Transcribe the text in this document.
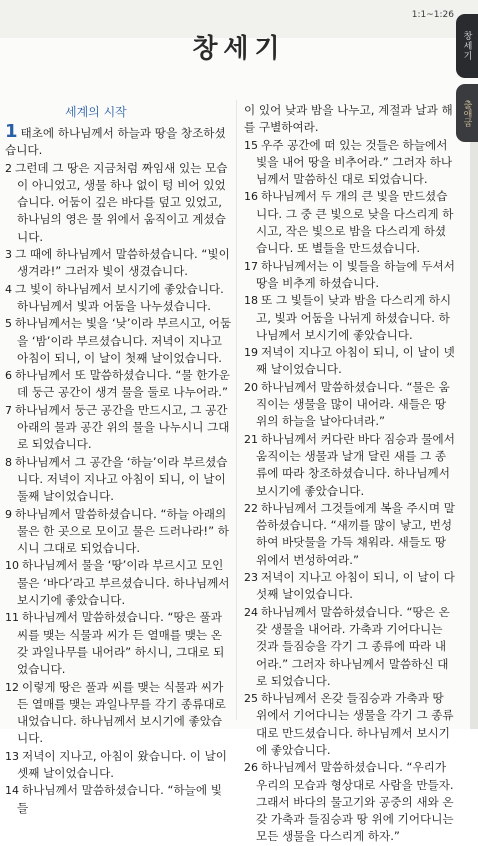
1:1~1:26
창세기
출애굽
창세기
세계의 시작

1 태초에 하나님께서 하늘과 땅을 창조하셨습니다.

2 그런데 그 땅은 지금처럼 짜임새 있는 모습이 아니었고, 생물 하나 없이 텅 비어 있었습니다. 어둠이 깊은 바다를 덮고 있었고, 하나님의 영은 물 위에서 움직이고 계셨습니다.

3 그 때에 하나님께서 말씀하셨습니다. “빛이 생겨라!” 그러자 빛이 생겼습니다.

4 그 빛이 하나님께서 보시기에 좋았습니다. 하나님께서 빛과 어둠을 나누셨습니다.

5 하나님께서는 빛을 ‘낮’이라 부르시고, 어둠을 ‘밤’이라 부르셨습니다. 저녁이 지나고 아침이 되니, 이 날이 첫째 날이었습니다.

6 하나님께서 또 말씀하셨습니다. “물 한가운데 둥근 공간이 생겨 물을 둘로 나누어라.”

7 하나님께서 둥근 공간을 만드시고, 그 공간 아래의 물과 공간 위의 물을 나누시니 그대로 되었습니다.

8 하나님께서 그 공간을 ‘하늘’이라 부르셨습니다. 저녁이 지나고 아침이 되니, 이 날이 둘째 날이었습니다.

9 하나님께서 말씀하셨습니다. “하늘 아래의 물은 한 곳으로 모이고 물은 드러나라!” 하시니 그대로 되었습니다.

10 하나님께서 물을 ‘땅’이라 부르시고 모인 물은 ‘바다’라고 부르셨습니다. 하나님께서 보시기에 좋았습니다.

11 하나님께서 말씀하셨습니다. “땅은 풀과 씨를 맺는 식물과 씨가 든 열매를 맺는 온갖 과일나무를 내어라” 하시니, 그대로 되었습니다.

12 이렇게 땅은 풀과 씨를 맺는 식물과 씨가 든 열매를 맺는 과일나무를 각기 종류대로 내었습니다. 하나님께서 보시기에 좋았습니다.

13 저녁이 지나고, 아침이 왔습니다. 이 날이 셋째 날이었습니다.

14 하나님께서 말씀하셨습니다. “하늘에 빛들

이 있어 낮과 밤을 나누고, 계절과 날과 해를 구별하여라.

15 우주 공간에 떠 있는 것들은 하늘에서 빛을 내어 땅을 비추어라.” 그러자 하나님께서 말씀하신 대로 되었습니다.

16 하나님께서 두 개의 큰 빛을 만드셨습니다. 그 중 큰 빛으로 낮을 다스리게 하시고, 작은 빛으로 밤을 다스리게 하셨습니다. 또 별들을 만드셨습니다.

17 하나님께서는 이 빛들을 하늘에 두셔서 땅을 비추게 하셨습니다.

18 또 그 빛들이 낮과 밤을 다스리게 하시고, 빛과 어둠을 나뉘게 하셨습니다. 하나님께서 보시기에 좋았습니다.

19 저녁이 지나고 아침이 되니, 이 날이 넷째 날이었습니다.

20 하나님께서 말씀하셨습니다. “물은 움직이는 생물을 많이 내어라. 새들은 땅 위의 하늘을 날아다녀라.”

21 하나님께서 커다란 바다 짐승과 물에서 움직이는 생물과 날개 달린 새를 그 종류에 따라 창조하셨습니다. 하나님께서 보시기에 좋았습니다.

22 하나님께서 그것들에게 복을 주시며 말씀하셨습니다. “새끼를 많이 낳고, 번성하여 바닷물을 가득 채워라. 새들도 땅 위에서 번성하여라.”

23 저녁이 지나고 아침이 되니, 이 날이 다섯째 날이었습니다.

24 하나님께서 말씀하셨습니다. “땅은 온갖 생물을 내어라. 가축과 기어다니는 것과 들짐승을 각기 그 종류에 따라 내어라.” 그러자 하나님께서 말씀하신 대로 되었습니다.

25 하나님께서 온갖 들짐승과 가축과 땅 위에서 기어다니는 생물을 각기 그 종류대로 만드셨습니다. 하나님께서 보시기에 좋았습니다.

26 하나님께서 말씀하셨습니다. “우리가 우리의 모습과 형상대로 사람을 만들자. 그래서 바다의 물고기와 공중의 새와 온갖 가축과 들짐승과 땅 위에 기어다니는 모든 생물을 다스리게 하자.”
